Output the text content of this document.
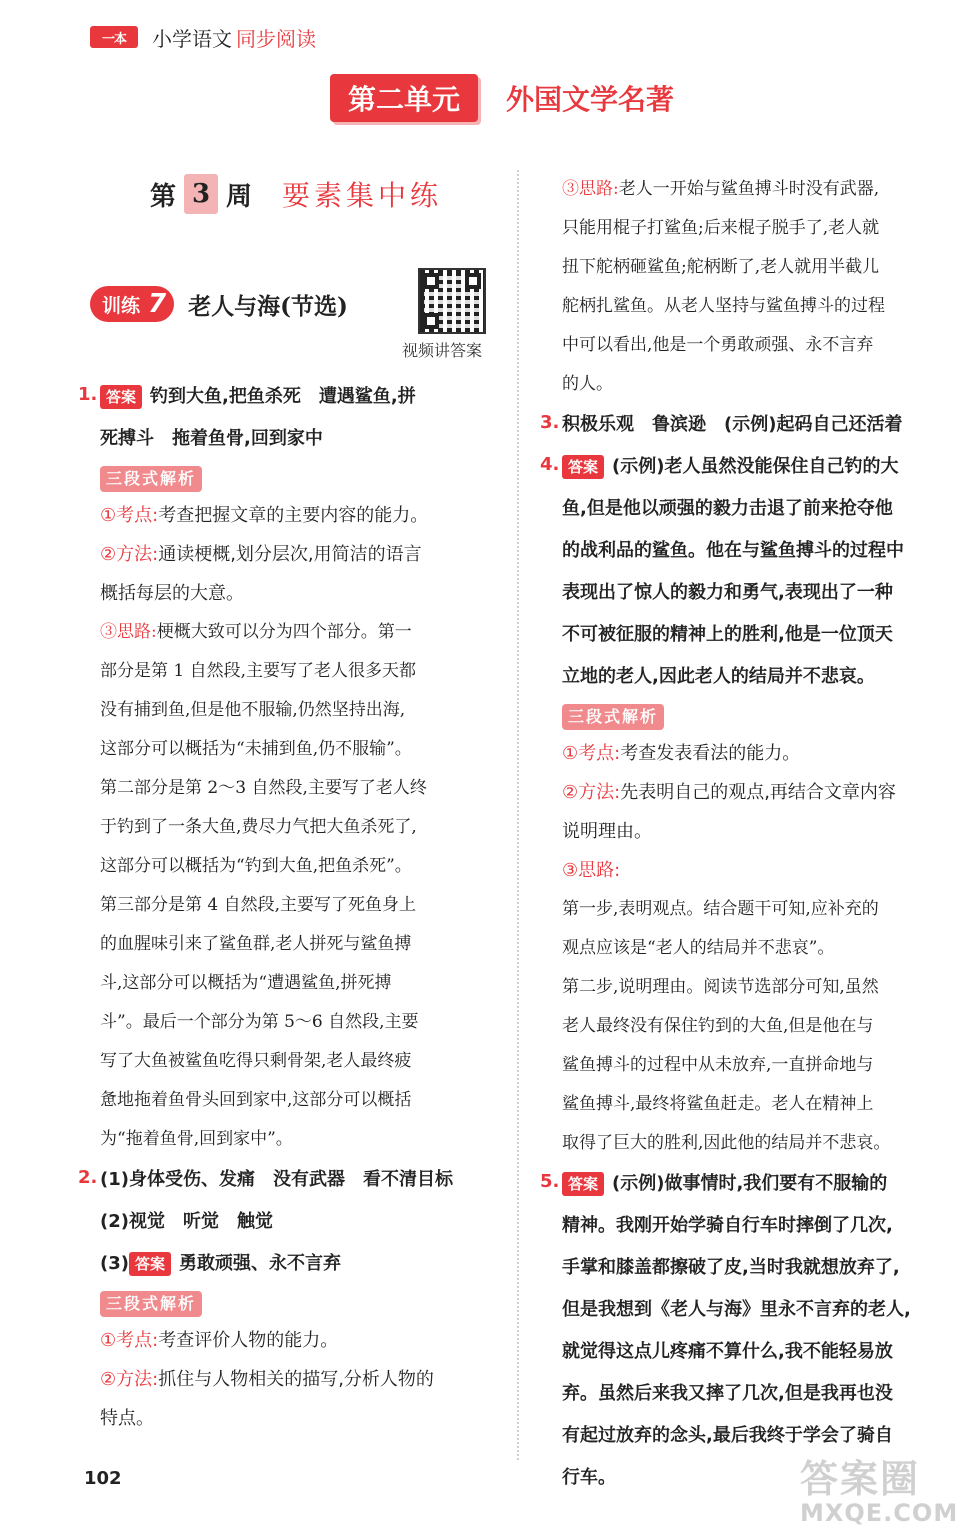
一本	小学语文 同步阅读
第二单元	外国文学名著
第 3 周 要素集中练
训练 7 老人与海(节选)
视频讲答案
1. 答案 钓到大鱼,把鱼杀死　遭遇鲨鱼,拼
死搏斗　拖着鱼骨,回到家中
三段式解析
①考点:考查把握文章的主要内容的能力。
②方法:通读梗概,划分层次,用简洁的语言
概括每层的大意。
③思路:梗概大致可以分为四个部分。第一
部分是第 1 自然段,主要写了老人很多天都
没有捕到鱼,但是他不服输,仍然坚持出海,
这部分可以概括为“未捕到鱼,仍不服输”。
第二部分是第 2～3 自然段,主要写了老人终
于钓到了一条大鱼,费尽力气把大鱼杀死了,
这部分可以概括为“钓到大鱼,把鱼杀死”。
第三部分是第 4 自然段,主要写了死鱼身上
的血腥味引来了鲨鱼群,老人拼死与鲨鱼搏
斗,这部分可以概括为“遭遇鲨鱼,拼死搏
斗”。最后一个部分为第 5～6 自然段,主要
写了大鱼被鲨鱼吃得只剩骨架,老人最终疲
惫地拖着鱼骨头回到家中,这部分可以概括
为“拖着鱼骨,回到家中”。
2. (1)身体受伤、发痛　没有武器　看不清目标
(2)视觉　听觉　触觉
(3) 答案 勇敢顽强、永不言弃
三段式解析
①考点:考查评价人物的能力。
②方法:抓住与人物相关的描写,分析人物的
特点。
③思路:老人一开始与鲨鱼搏斗时没有武器,
只能用棍子打鲨鱼;后来棍子脱手了,老人就
扭下舵柄砸鲨鱼;舵柄断了,老人就用半截儿
舵柄扎鲨鱼。从老人坚持与鲨鱼搏斗的过程
中可以看出,他是一个勇敢顽强、永不言弃
的人。
3. 积极乐观　鲁滨逊　(示例)起码自己还活着
4. 答案 (示例)老人虽然没能保住自己钓的大
鱼,但是他以顽强的毅力击退了前来抢夺他
的战利品的鲨鱼。他在与鲨鱼搏斗的过程中
表现出了惊人的毅力和勇气,表现出了一种
不可被征服的精神上的胜利,他是一位顶天
立地的老人,因此老人的结局并不悲哀。
三段式解析
①考点:考查发表看法的能力。
②方法:先表明自己的观点,再结合文章内容
说明理由。
③思路:
第一步,表明观点。结合题干可知,应补充的
观点应该是“老人的结局并不悲哀”。
第二步,说明理由。阅读节选部分可知,虽然
老人最终没有保住钓到的大鱼,但是他在与
鲨鱼搏斗的过程中从未放弃,一直拼命地与
鲨鱼搏斗,最终将鲨鱼赶走。老人在精神上
取得了巨大的胜利,因此他的结局并不悲哀。
5. 答案 (示例)做事情时,我们要有不服输的
精神。我刚开始学骑自行车时摔倒了几次,
手掌和膝盖都擦破了皮,当时我就想放弃了,
但是我想到《老人与海》里永不言弃的老人,
就觉得这点儿疼痛不算什么,我不能轻易放
弃。虽然后来我又摔了几次,但是我再也没
有起过放弃的念头,最后我终于学会了骑自
行车。
102	答案圈
MXQE.COM
